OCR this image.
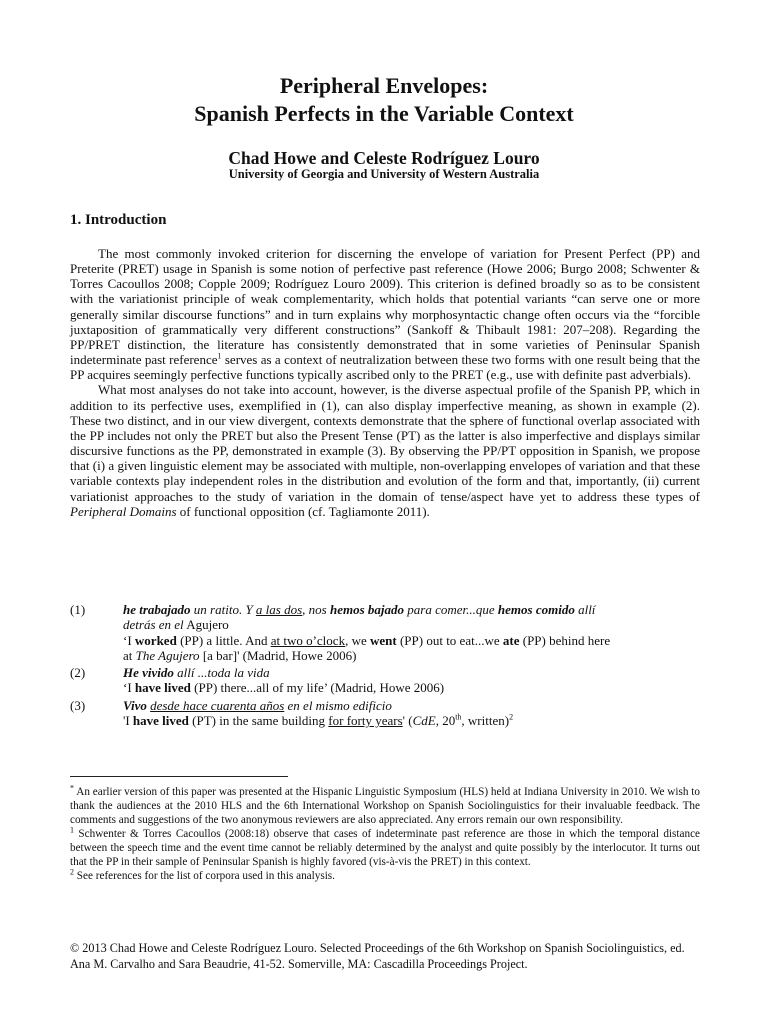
Peripheral Envelopes:
Spanish Perfects in the Variable Context
Chad Howe and Celeste Rodríguez Louro
University of Georgia and University of Western Australia
1. Introduction

The most commonly invoked criterion for discerning the envelope of variation for Present Perfect (PP) and Preterite (PRET) usage in Spanish is some notion of perfective past reference (Howe 2006; Burgo 2008; Schwenter & Torres Cacoullos 2008; Copple 2009; Rodríguez Louro 2009). This criterion is defined broadly so as to be consistent with the variationist principle of weak complementarity, which holds that potential variants “can serve one or more generally similar discourse functions” and in turn explains why morphosyntactic change often occurs via the “forcible juxtaposition of grammatically very different constructions” (Sankoff & Thibault 1981: 207–208). Regarding the PP/PRET distinction, the literature has consistently demonstrated that in some varieties of Peninsular Spanish indeterminate past reference$^1$ serves as a context of neutralization between these two forms with one result being that the PP acquires seemingly perfective functions typically ascribed only to the PRET (e.g., use with definite past adverbials).

What most analyses do not take into account, however, is the diverse aspectual profile of the Spanish PP, which in addition to its perfective uses, exemplified in (1), can also display imperfective meaning, as shown in example (2). These two distinct, and in our view divergent, contexts demonstrate that the sphere of functional overlap associated with the PP includes not only the PRET but also the Present Tense (PT) as the latter is also imperfective and displays similar discursive functions as the PP, demonstrated in example (3). By observing the PP/PT opposition in Spanish, we propose that (i) a given linguistic element may be associated with multiple, non-overlapping envelopes of variation and that these variable contexts play independent roles in the distribution and evolution of the form and that, importantly, (ii) current variationist approaches to the study of variation in the domain of tense/aspect have yet to address these types of Peripheral Domains of functional opposition (cf. Tagliamonte 2011).

(1)	he trabajado un ratito. Y a las dos, nos hemos bajado para comer...que hemos comido allí
detrás en el Agujero
‘I worked (PP) a little. And at two o’clock, we went (PP) out to eat...we ate (PP) behind here
at The Agujero [a bar]' (Madrid, Howe 2006)
(2)	He vivido allí ...toda la vida
‘I have lived (PP) there...all of my life’ (Madrid, Howe 2006)
(3)	Vivo desde hace cuarenta años en el mismo edificio
'I have lived (PT) in the same building for forty years' (CdE, 20th, written)$^2$

* An earlier version of this paper was presented at the Hispanic Linguistic Symposium (HLS) held at Indiana University in 2010. We wish to thank the audiences at the 2010 HLS and the 6th International Workshop on Spanish Sociolinguistics for their invaluable feedback. The comments and suggestions of the two anonymous reviewers are also appreciated. Any errors remain our own responsibility.

$^1$ Schwenter & Torres Cacoullos (2008:18) observe that cases of indeterminate past reference are those in which the temporal distance between the speech time and the event time cannot be reliably determined by the analyst and quite possibly by the interlocutor. It turns out that the PP in their sample of Peninsular Spanish is highly favored (vis-à-vis the PRET) in this context.

$^2$ See references for the list of corpora used in this analysis.

© 2013 Chad Howe and Celeste Rodríguez Louro. Selected Proceedings of the 6th Workshop on Spanish Sociolinguistics, ed. Ana M. Carvalho and Sara Beaudrie, 41-52. Somerville, MA: Cascadilla Proceedings Project.
